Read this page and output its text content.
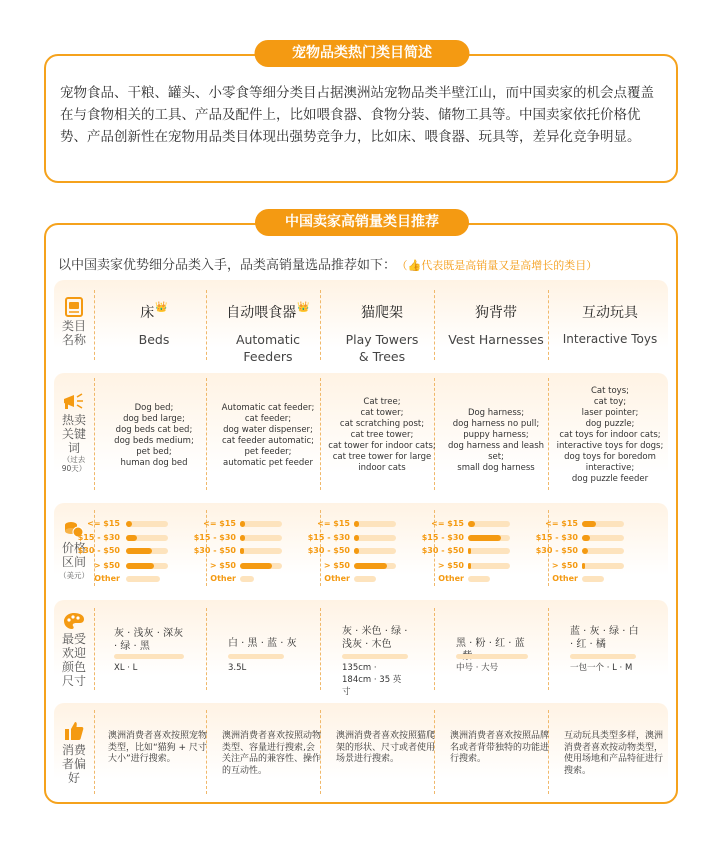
宠物食品、干粮、罐头、小零食等细分类目占据澳洲站宠物品类半壁江山，而中国卖家的机会点覆盖在与食物相关的工具、产品及配件上，比如喂食器、食物分装、储物工具等。中国卖家依托价格优势、产品创新性在宠物用品类目体现出强势竞争力，比如床、喂食器、玩具等，差异化竞争明显。

宠物品类热门类目简述
中国卖家高销量类目推荐
以中国卖家优势细分品类入手，品类高销量选品推荐如下： （👍代表既是高销量又是高增长的类目）
类目名称
热卖关键词
（过去90天）
价格区间
（美元）
最受欢迎颜色尺寸
消费者偏好
床👑
Beds
Dog bed;
dog bed large;
dog beds cat bed;
dog beds medium;
pet bed;
human dog bed
<= $15
$15 - $30
$30 - $50
> $50
Other
灰 · 浅灰 · 深灰 · 绿 · 黑
XL · L
澳洲消费者喜欢按照宠物类型，比如“猫狗 + 尺寸大小”进行搜索。
自动喂食器👑
Automatic Feeders
Automatic cat feeder;
cat feeder;
dog water dispenser;
cat feeder automatic;
pet feeder;
automatic pet feeder
<= $15
$15 - $30
$30 - $50
> $50
Other
白 · 黑 · 蓝 · 灰
3.5L
澳洲消费者喜欢按照动物类型、容量进行搜索,会关注产品的兼容性、操作的互动性。
猫爬架
Play Towers & Trees
Cat tree;
cat tower;
cat scratching post;
cat tree tower;
cat tower for indoor cats;
cat tree tower for large indoor cats
<= $15
$15 - $30
$30 - $50
> $50
Other
灰 · 米色 · 绿 · 浅灰 · 木色
135cm · 184cm · 35 英寸
澳洲消费者喜欢按照猫爬架的形状、尺寸或者使用场景进行搜索。
狗背带
Vest Harnesses
Dog harness;
dog harness no pull;
puppy harness;
dog harness and leash set;
small dog harness
<= $15
$15 - $30
$30 - $50
> $50
Other
黑 · 粉 · 红 · 蓝
中号 · 大号
澳洲消费者喜欢按照品牌名或者背带独特的功能进行搜索。
互动玩具
Interactive Toys
Cat toys;
cat toy;
laser pointer;
dog puzzle;
cat toys for indoor cats;
interactive toys for dogs;
dog toys for boredom interactive;
dog puzzle feeder
<= $15
$15 - $30
$30 - $50
> $50
Other
蓝 · 灰 · 绿 · 白 · 红 · 橘
一包一个 · L · M
互动玩具类型多样，澳洲消费者喜欢按动物类型，使用场地和产品特征进行搜索。
